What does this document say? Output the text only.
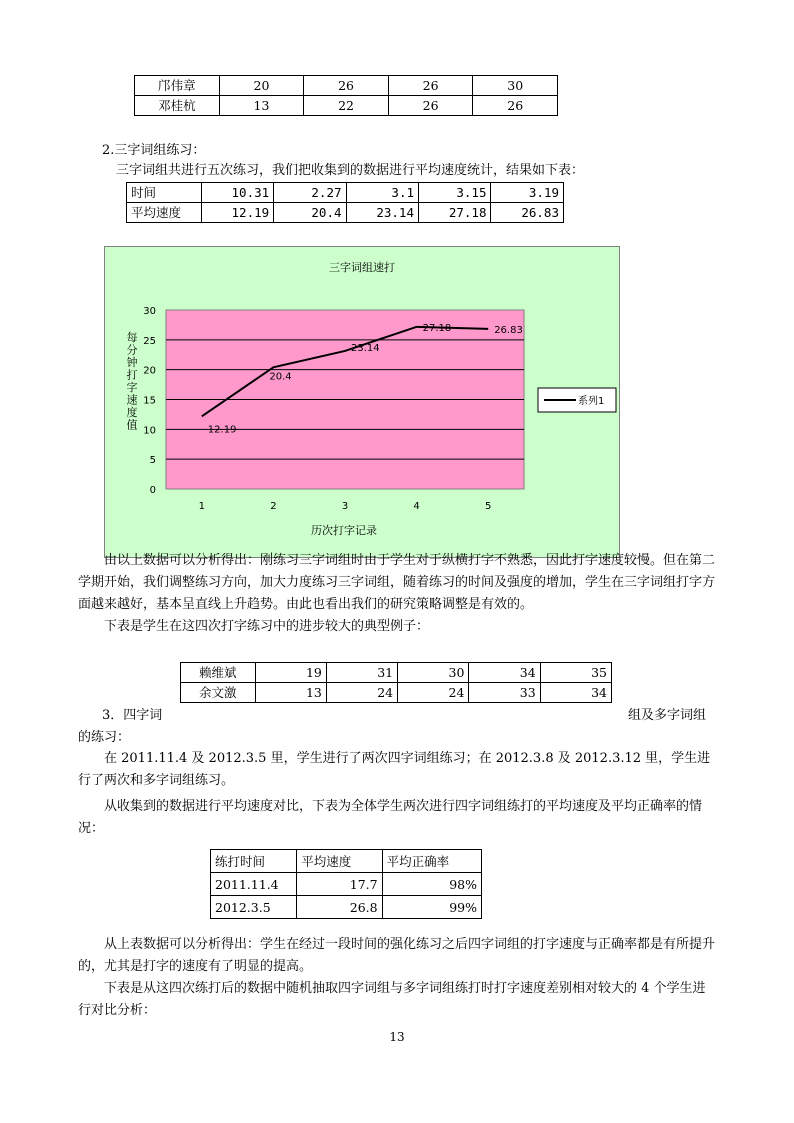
邝伟章	20	26	26	30
邓桂杭	13	22	26	26
2.三字词组练习：
三字词组共进行五次练习，我们把收集到的数据进行平均速度统计，结果如下表：
时间	10.31	2.27	3.1	3.15	3.19
平均速度	12.19	20.4	23.14	27.18	26.83
三字词组速打
0
5
10
15
20
25
30
1	2	3	4	5
12.19
20.4
23.14
27.18	26.83
每分钟打字速度值
历次打字记录
系列1

由以上数据可以分析得出：刚练习三字词组时由于学生对于纵横打字不熟悉，因此打字速度较慢。但在第二学期开始，我们调整练习方向，加大力度练习三字词组，随着练习的时间及强度的增加，学生在三字词组打字方面越来越好，基本呈直线上升趋势。由此也看出我们的研究策略调整是有效的。

下表是学生在这四次打字练习中的进步较大的典型例子：

赖维斌	19	31	30	34	35
余文激	13	24	24	33	34
3．四字词	组及多字词组
的练习：

在 2011.11.4 及 2012.3.5 里，学生进行了两次四字词组练习；在 2012.3.8 及 2012.3.12 里，学生进行了两次和多字词组练习。

从收集到的数据进行平均速度对比，下表为全体学生两次进行四字词组练打的平均速度及平均正确率的情况：

练打时间	平均速度	平均正确率
2011.11.4	17.7	98%
2012.3.5	26.8	99%

从上表数据可以分析得出：学生在经过一段时间的强化练习之后四字词组的打字速度与正确率都是有所提升的，尤其是打字的速度有了明显的提高。

下表是从这四次练打后的数据中随机抽取四字词组与多字词组练打时打字速度差别相对较大的 4 个学生进行对比分析：

13
